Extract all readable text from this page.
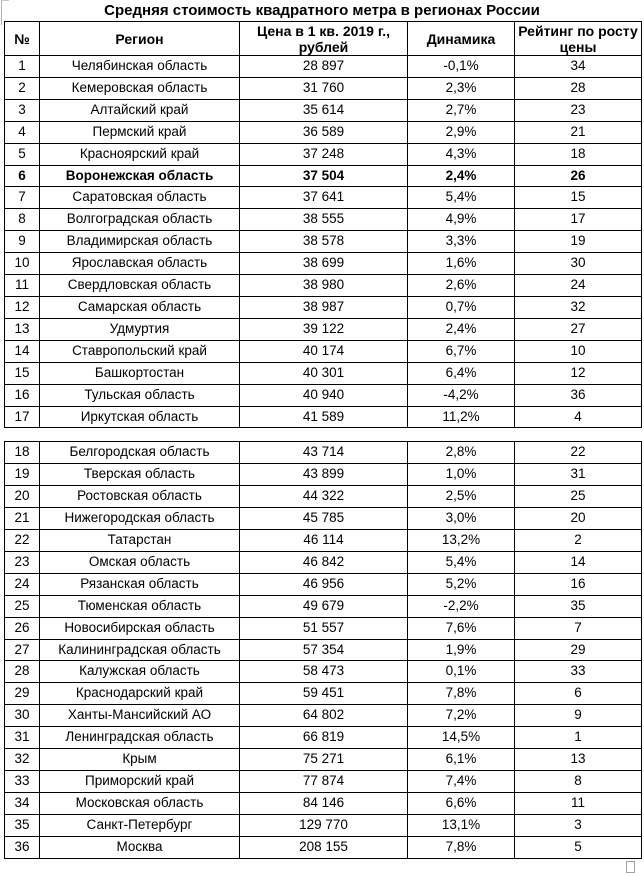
Средняя стоимость квадратного метра в регионах России
№	Регион	Цена в 1 кв. 2019 г., рублей	Динамика	Рейтинг по росту цены
1	Челябинская область	28 897	-0,1%	34
2	Кемеровская область	31 760	2,3%	28
3	Алтайский край	35 614	2,7%	23
4	Пермский край	36 589	2,9%	21
5	Красноярский край	37 248	4,3%	18
6	Воронежская область	37 504	2,4%	26
7	Саратовская область	37 641	5,4%	15
8	Волгоградская область	38 555	4,9%	17
9	Владимирская область	38 578	3,3%	19
10	Ярославская область	38 699	1,6%	30
11	Свердловская область	38 980	2,6%	24
12	Самарская область	38 987	0,7%	32
13	Удмуртия	39 122	2,4%	27
14	Ставропольский край	40 174	6,7%	10
15	Башкортостан	40 301	6,4%	12
16	Тульская область	40 940	-4,2%	36
17	Иркутская область	41 589	11,2%	4
18	Белгородская область	43 714	2,8%	22
19	Тверская область	43 899	1,0%	31
20	Ростовская область	44 322	2,5%	25
21	Нижегородская область	45 785	3,0%	20
22	Татарстан	46 114	13,2%	2
23	Омская область	46 842	5,4%	14
24	Рязанская область	46 956	5,2%	16
25	Тюменская область	49 679	-2,2%	35
26	Новосибирская область	51 557	7,6%	7
27	Калининградская область	57 354	1,9%	29
28	Калужская область	58 473	0,1%	33
29	Краснодарский край	59 451	7,8%	6
30	Ханты-Мансийский АО	64 802	7,2%	9
31	Ленинградская область	66 819	14,5%	1
32	Крым	75 271	6,1%	13
33	Приморский край	77 874	7,4%	8
34	Московская область	84 146	6,6%	11
35	Санкт-Петербург	129 770	13,1%	3
36	Москва	208 155	7,8%	5
